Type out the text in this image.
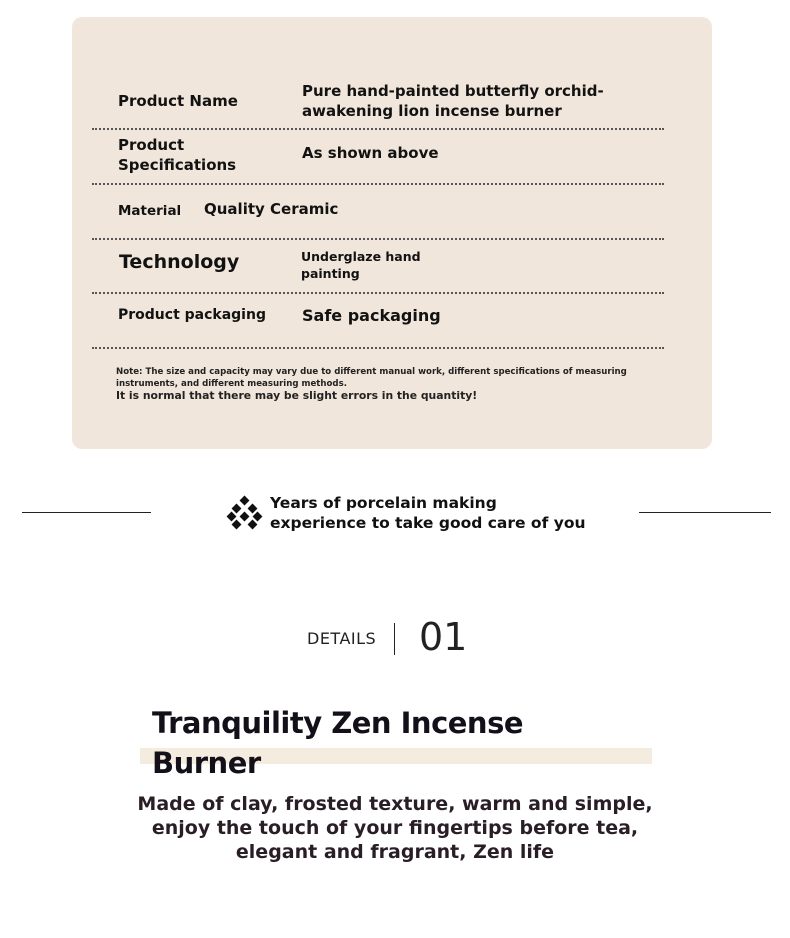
Product Name
Pure hand-painted butterfly orchid-awakening lion incense burner
Product Specifications
As shown above
Material Quality Ceramic
Technology	Underglaze hand painting
Product packaging Safe packaging
Note: The size and capacity may vary due to different manual work, different specifications of measuring instruments, and different measuring methods.
It is normal that there may be slight errors in the quantity!
Years of porcelain making experience to take good care of you
DETAILS 01
Tranquility Zen Incense Burner
Made of clay, frosted texture, warm and simple,
enjoy the touch of your fingertips before tea,
elegant and fragrant, Zen life
